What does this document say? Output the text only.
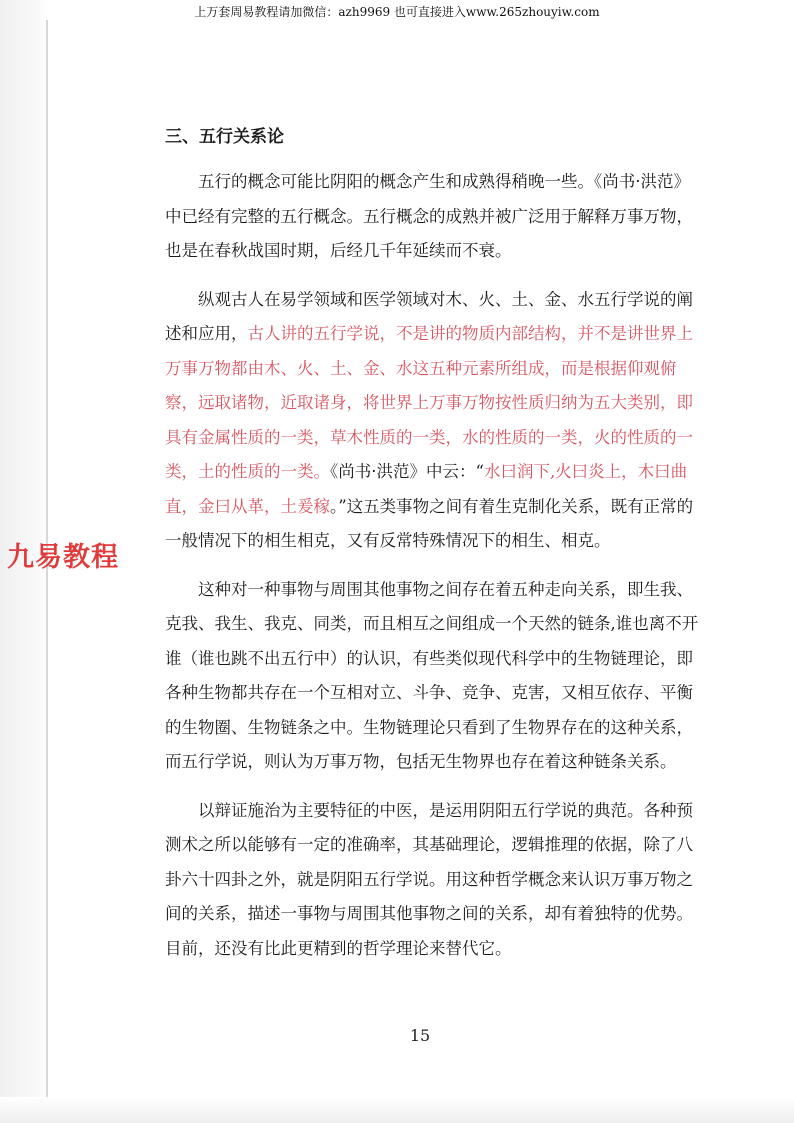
上万套周易教程请加微信：azh9969 也可直接进入www.265zhouyiw.com
三、五行关系论

五行的概念可能比阴阳的概念产生和成熟得稍晚一些。《尚书·洪范》中已经有完整的五行概念。五行概念的成熟并被广泛用于解释万事万物，也是在春秋战国时期，后经几千年延续而不衰。

纵观古人在易学领域和医学领域对木、火、土、金、水五行学说的阐述和应用，古人讲的五行学说，不是讲的物质内部结构，并不是讲世界上万事万物都由木、火、土、金、水这五种元素所组成，而是根据仰观俯察，远取诸物，近取诸身，将世界上万事万物按性质归纳为五大类别，即具有金属性质的一类，草木性质的一类，水的性质的一类，火的性质的一类，土的性质的一类。《尚书·洪范》中云：“水曰润下,火曰炎上，木曰曲直，金曰从革，土爰稼。”这五类事物之间有着生克制化关系，既有正常的一般情况下的相生相克，又有反常特殊情况下的相生、相克。

这种对一种事物与周围其他事物之间存在着五种走向关系，即生我、克我、我生、我克、同类，而且相互之间组成一个天然的链条,谁也离不开谁（谁也跳不出五行中）的认识，有些类似现代科学中的生物链理论，即各种生物都共存在一个互相对立、斗争、竞争、克害，又相互依存、平衡的生物圈、生物链条之中。生物链理论只看到了生物界存在的这种关系，而五行学说，则认为万事万物，包括无生物界也存在着这种链条关系。

以辩证施治为主要特征的中医，是运用阴阳五行学说的典范。各种预测术之所以能够有一定的准确率，其基础理论，逻辑推理的依据，除了八卦六十四卦之外，就是阴阳五行学说。用这种哲学概念来认识万事万物之间的关系，描述一事物与周围其他事物之间的关系，却有着独特的优势。目前，还没有比此更精到的哲学理论来替代它。

九易教程
15
